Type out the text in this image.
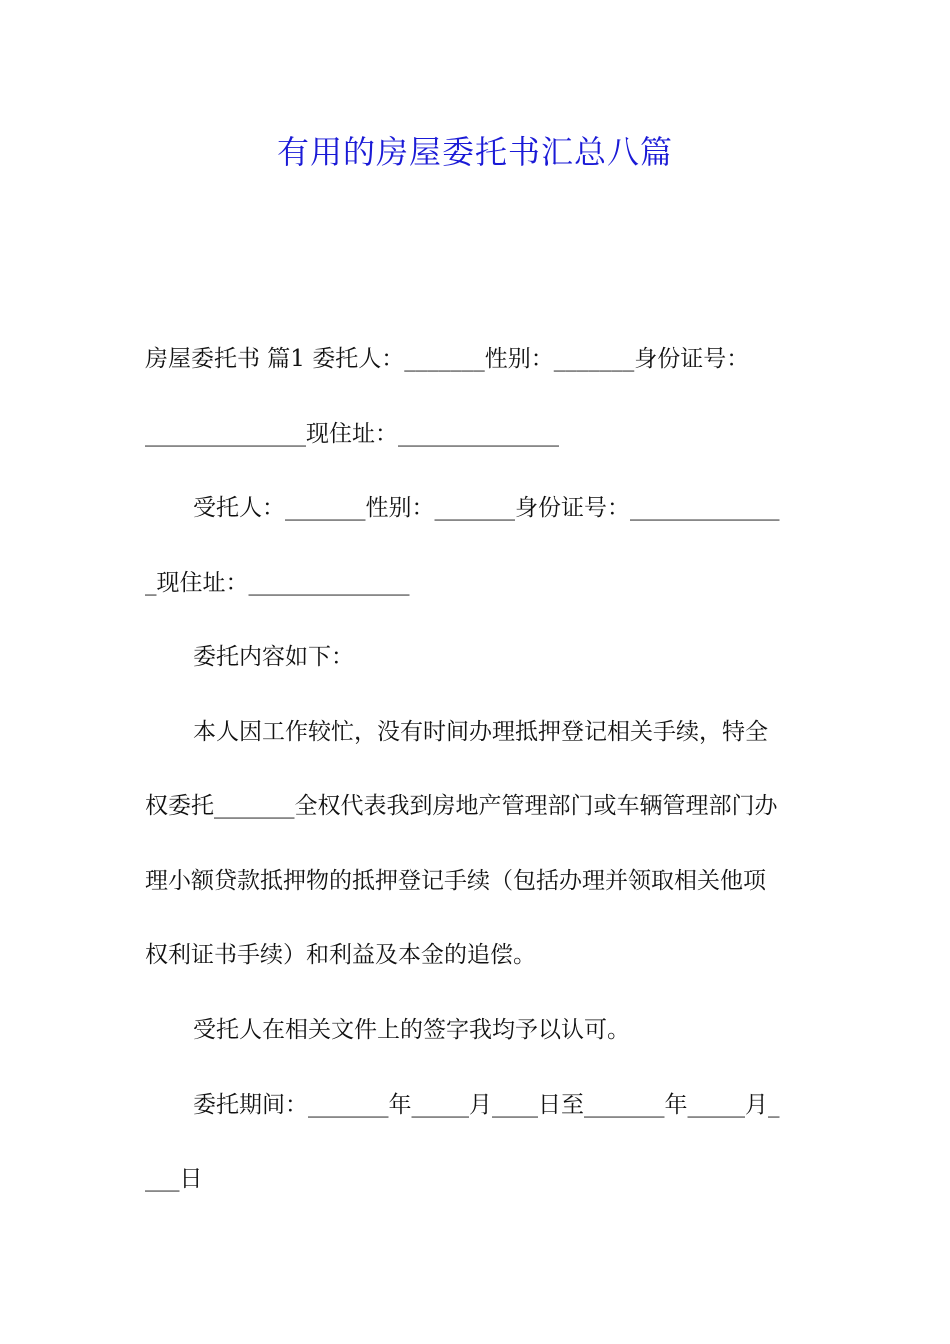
有用的房屋委托书汇总八篇
房屋委托书 篇1 委托人：_______性别：_______身份证号：
______________现住址：______________
受托人：_______性别：_______身份证号：_____________
_现住址：______________
委托内容如下：
本人因工作较忙，没有时间办理抵押登记相关手续，特全
权委托_______全权代表我到房地产管理部门或车辆管理部门办
理小额贷款抵押物的抵押登记手续（包括办理并领取相关他项
权利证书手续）和利益及本金的追偿。
受托人在相关文件上的签字我均予以认可。
委托期间：_______年_____月____日至_______年_____月_
___日
